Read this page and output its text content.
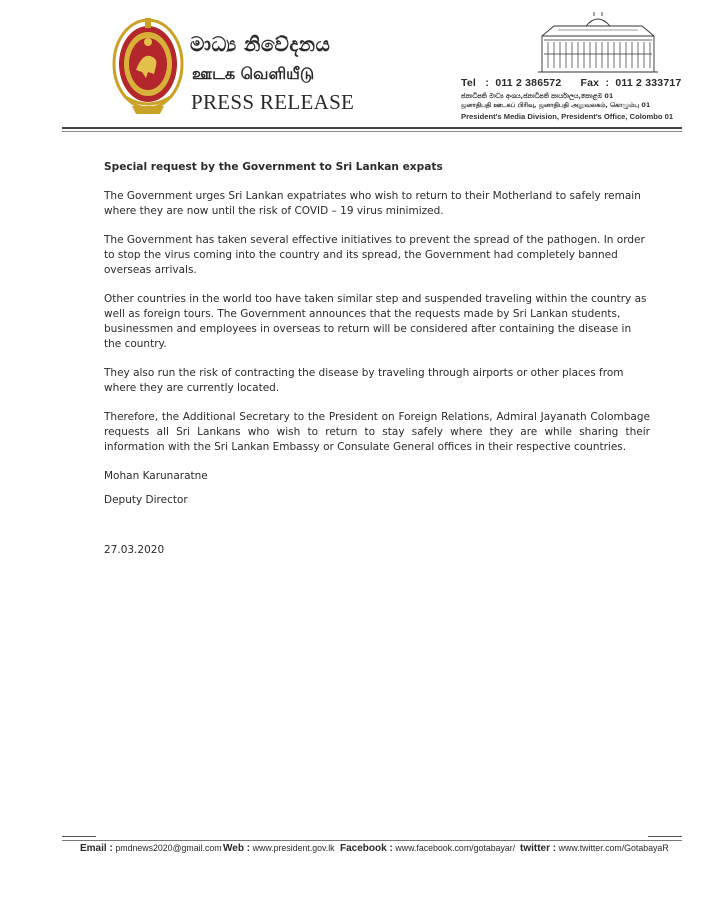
මාධ්‍ය නිවේදනය
ஊடக வெளியீடு
PRESS RELEASE
Tel   :  011 2 386572 Fax  :  011 2 333717
ජනාධිපති මාධ්‍ය අංශය,ජනාධිපති කාර්යාලය,කොළඹ 01
ஜனாதிபதி ஊடகப் பிரிவு, ஜனாதிபதி அலுவலகம், கொழும்பு 01
President's Media Division, President's Office, Colombo 01

Special request by the Government to Sri Lankan expats

The Government urges Sri Lankan expatriates who wish to return to their Motherland to safely remain where they are now until the risk of COVID – 19 virus minimized.

The Government has taken several effective initiatives to prevent the spread of the pathogen. In order to stop the virus coming into the country and its spread, the Government had completely banned overseas arrivals.

Other countries in the world too have taken similar step and suspended traveling within the country as well as foreign tours. The Government announces that the requests made by Sri Lankan students, businessmen and employees in overseas to return will be considered after containing the disease in the country.

They also run the risk of contracting the disease by traveling through airports or other places from where they are currently located.

Therefore, the Additional Secretary to the President on Foreign Relations, Admiral Jayanath Colombage requests all Sri Lankans who wish to return to stay safely where they are while sharing their information with the Sri Lankan Embassy or Consulate General offices in their respective countries.

Mohan Karunaratne
Deputy Director
27.03.2020
Email : pmdnews2020@gmail.com Web : www.president.gov.lk Facebook : www.facebook.com/gotabayar/ twitter : www.twitter.com/GotabayaR
